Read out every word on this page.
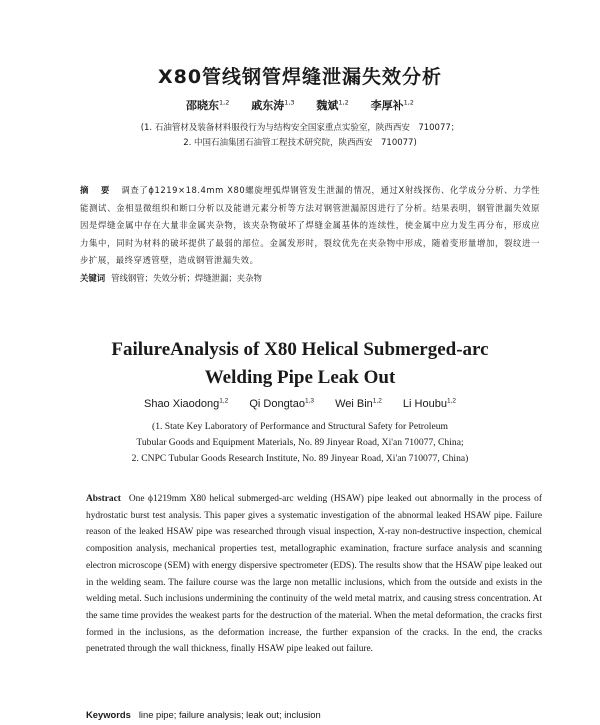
X80管线钢管焊缝泄漏失效分析
邵晓东$^{1,2}$ 戚东涛$^{1,3}$ 魏斌$^{1,2}$ 李厚补$^{1,2}$
(1. 石油管材及装备材料服役行为与结构安全国家重点实验室，陕西西安　710077；
2. 中国石油集团石油管工程技术研究院，陕西西安　710077)
摘　要 调查了ϕ1219×18.4mm X80螺旋埋弧焊钢管发生泄漏的情况，通过X射线探伤、化学成分分析、力学性能测试、金相显微组织和断口分析以及能谱元素分析等方法对钢管泄漏原因进行了分析。结果表明，钢管泄漏失效原因是焊缝金属中存在大量非金属夹杂物，该夹杂物破坏了焊缝金属基体的连续性，使金属中应力发生再分布，形成应力集中，同时为材料的破坏提供了最弱的部位。金属发形时，裂纹优先在夹杂物中形成，随着变形量增加，裂纹进一步扩展，最终穿透管壁，造成钢管泄漏失效。
关键词 管线钢管；失效分析；焊缝泄漏；夹杂物
FailureAnalysis of X80 Helical Submerged-arc
Welding Pipe Leak Out
Shao Xiaodong$^{1,2}$ Qi Dongtao$^{1,3}$ Wei Bin$^{1,2}$ Li Houbu$^{1,2}$
(1. State Key Laboratory of Performance and Structural Safety for Petroleum
Tubular Goods and Equipment Materials, No. 89 Jinyear Road, Xi'an 710077, China;
2. CNPC Tubular Goods Research Institute, No. 89 Jinyear Road, Xi'an 710077, China)
Abstract One ϕ1219mm X80 helical submerged-arc welding (HSAW) pipe leaked out abnormally in the process of hydrostatic burst test analysis. This paper gives a systematic investigation of the abnormal leaked HSAW pipe. Failure reason of the leaked HSAW pipe was researched through visual inspection, X-ray non-destructive inspection, chemical composition analysis, mechanical properties test, metallographic examination, fracture surface analysis and scanning electron microscope (SEM) with energy dispersive spectrometer (EDS). The results show that the HSAW pipe leaked out in the welding seam. The failure course was the large non metallic inclusions, which from the outside and exists in the welding metal. Such inclusions undermining the continuity of the weld metal matrix, and causing stress concentration. At the same time provides the weakest parts for the destruction of the material. When the metal deformation, the cracks first formed in the inclusions, as the deformation increase, the further expansion of the cracks. In the end, the cracks penetrated through the wall thickness, finally HSAW pipe leaked out failure.
Keywords line pipe; failure analysis; leak out; inclusion
